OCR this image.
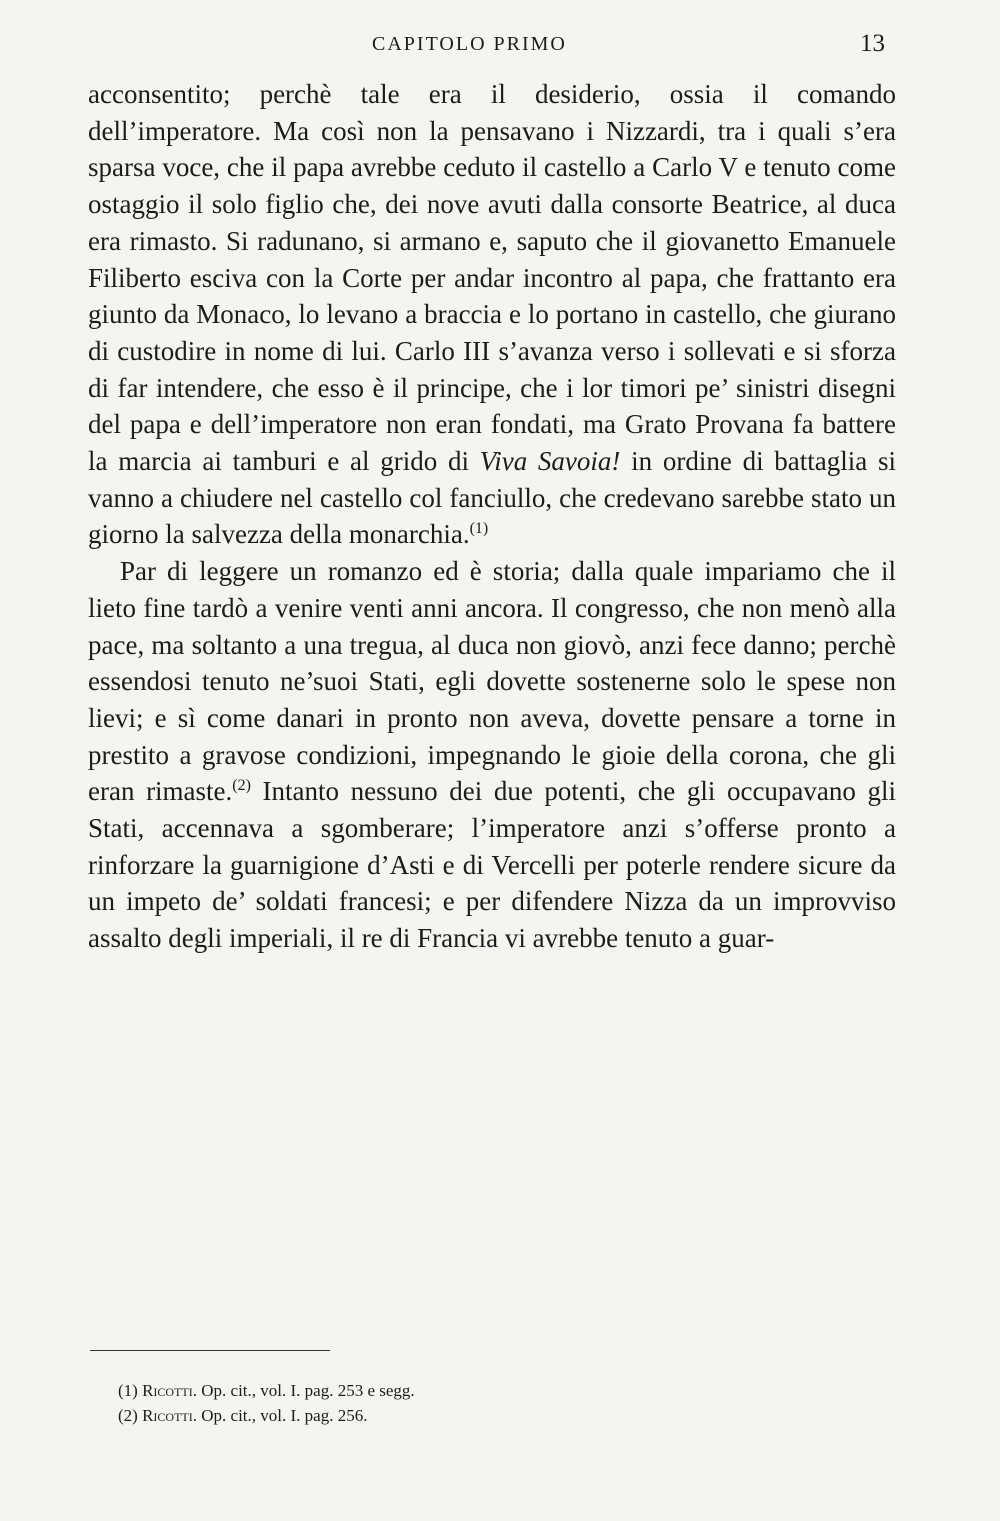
CAPITOLO PRIMO	13

acconsentito; perchè tale era il desiderio, ossia il comando dell’imperatore. Ma così non la pensavano i Nizzardi, tra i quali s’era sparsa voce, che il papa avrebbe ceduto il castello a Carlo V e tenuto come ostaggio il solo figlio che, dei nove avuti dalla consorte Beatrice, al duca era rimasto. Si radunano, si armano e, saputo che il giovanetto Emanuele Filiberto esciva con la Corte per andar incontro al papa, che frattanto era giunto da Monaco, lo levano a braccia e lo portano in castello, che giurano di custodire in nome di lui. Carlo III s’avanza verso i sollevati e si sforza di far intendere, che esso è il principe, che i lor timori pe’ sinistri disegni del papa e dell’imperatore non eran fondati, ma Grato Provana fa battere la marcia ai tamburi e al grido di Viva Savoia! in ordine di battaglia si vanno a chiudere nel castello col fanciullo, che credevano sarebbe stato un giorno la salvezza della monarchia.$^{(1)}$

Par di leggere un romanzo ed è storia; dalla quale impariamo che il lieto fine tardò a venire venti anni ancora. Il congresso, che non menò alla pace, ma soltanto a una tregua, al duca non giovò, anzi fece danno; perchè essendosi tenuto ne’suoi Stati, egli dovette sostenerne solo le spese non lievi; e sì come danari in pronto non aveva, dovette pensare a torne in prestito a gravose condizioni, impegnando le gioie della corona, che gli eran rimaste.$^{(2)}$ Intanto nessuno dei due potenti, che gli occupavano gli Stati, accennava a sgomberare; l’imperatore anzi s’offerse pronto a rinforzare la guarnigione d’Asti e di Vercelli per poterle rendere sicure da un impeto de’ soldati francesi; e per difendere Nizza da un improvviso assalto degli imperiali, il re di Francia vi avrebbe tenuto a guar-

(1) Ricotti. Op. cit., vol. I. pag. 253 e segg.

(2) Ricotti. Op. cit., vol. I. pag. 256.
